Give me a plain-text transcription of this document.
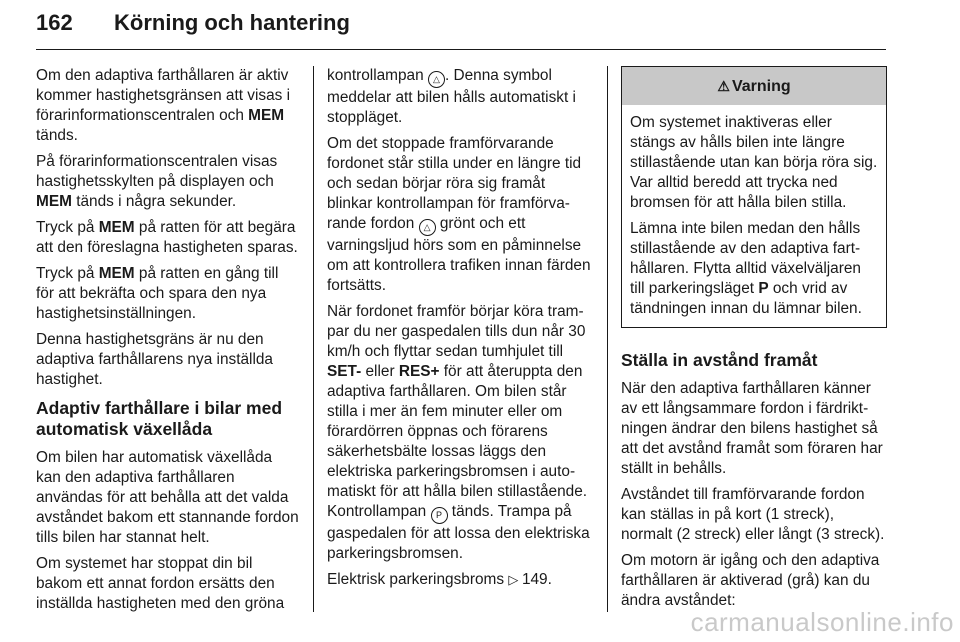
162 Körning och hantering

Om den adaptiva farthållaren är aktiv kommer hastighetsgränsen att visas i förarinformationscentralen och MEM tänds.

På förarinformationscentralen visas hastighetsskylten på displayen och MEM tänds i några sekunder.

Tryck på MEM på ratten för att begära att den föreslagna hastigheten sparas.

Tryck på MEM på ratten en gång till för att bekräfta och spara den nya hastighetsinställningen.

Denna hastighetsgräns är nu den adaptiva farthållarens nya inställda hastighet.

Adaptiv farthållare i bilar med automatisk växellåda

Om bilen har automatisk växellåda kan den adaptiva farthållaren användas för att behålla att det valda avståndet bakom ett stannande fordon tills bilen har stannat helt.

Om systemet har stoppat din bil bakom ett annat fordon ersätts den inställda hastigheten med den gröna

kontrollampan △ . Denna symbol meddelar att bilen hålls automatiskt i stoppläget.

Om det stoppade framförvarande fordonet står stilla under en längre tid och sedan börjar röra sig framåt blinkar kontrollampan för framförvarande fordon △ grönt och ett varningsljud hörs som en påminnelse om att kontrollera trafiken innan färden fortsätts.

När fordonet framför börjar köra trampar du ner gaspedalen tills dun når 30 km/h och flyttar sedan tumhjulet till SET- eller RES+ för att återuppta den adaptiva farthållaren. Om bilen står stilla i mer än fem minuter eller om förardörren öppnas och förarens säkerhetsbälte lossas läggs den elektriska parkeringsbromsen i automatiskt för att hålla bilen stillastående. Kontrollampan P tänds. Trampa på gaspedalen för att lossa den elektriska parkeringsbromsen.

Elektrisk parkeringsbroms ▷ 149.

⚠ Varning

Om systemet inaktiveras eller stängs av hålls bilen inte längre stillastående utan kan börja röra sig. Var alltid beredd att trycka ned bromsen för att hålla bilen stilla.

Lämna inte bilen medan den hålls stillastående av den adaptiva farthållaren. Flytta alltid växelväljaren till parkeringsläget P och vrid av tändningen innan du lämnar bilen.

Ställa in avstånd framåt

När den adaptiva farthållaren känner av ett långsammare fordon i färdriktningen ändrar den bilens hastighet så att det avstånd framåt som föraren har ställt in behålls.

Avståndet till framförvarande fordon kan ställas in på kort (1 streck), normalt (2 streck) eller långt (3 streck).

Om motorn är igång och den adaptiva farthållaren är aktiverad (grå) kan du ändra avståndet:

carmanualsonline.info
